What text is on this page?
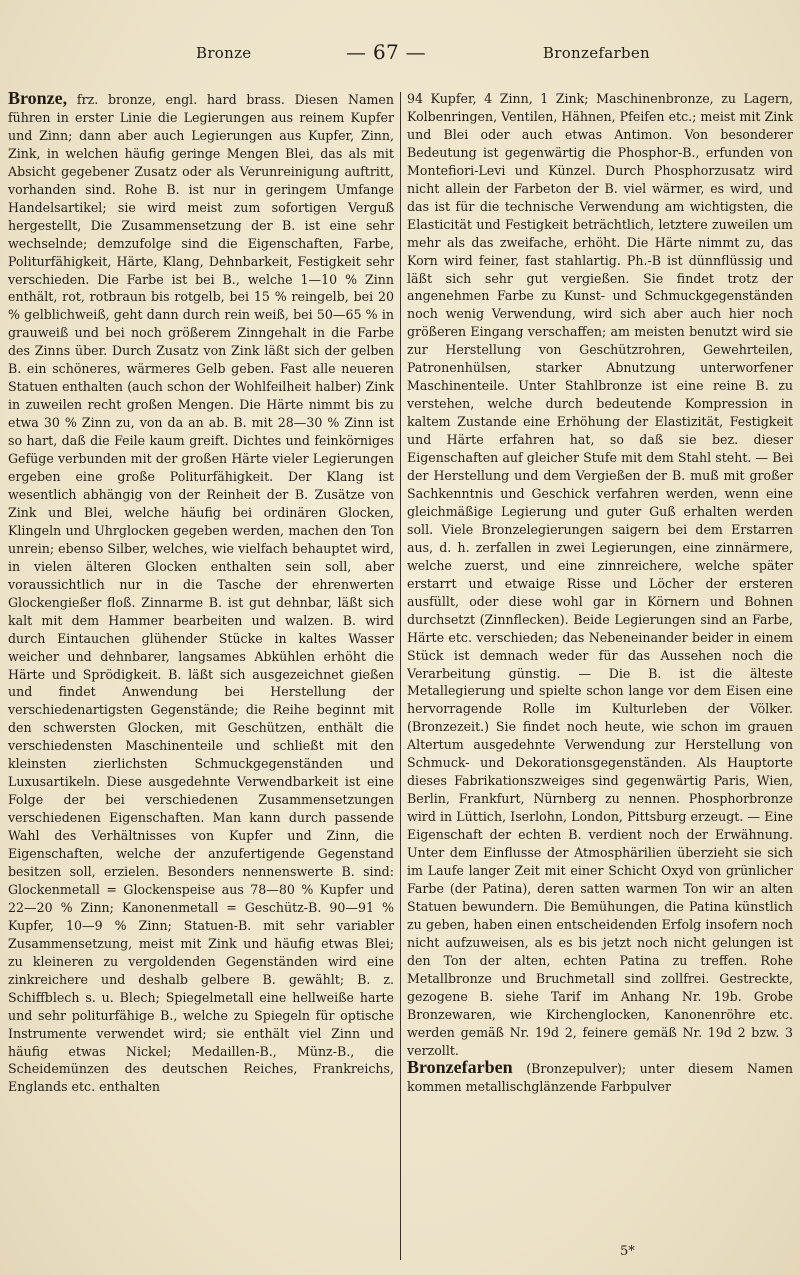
Bronze	— 67 —	Bronzefarben

Bronze, frz. bronze, engl. hard brass. Diesen Namen führen in erster Linie die Legierungen aus reinem Kupfer und Zinn; dann aber auch Legierungen aus Kupfer, Zinn, Zink, in welchen häufig geringe Mengen Blei, das als mit Absicht gegebener Zusatz oder als Verunreinigung auftritt, vorhanden sind. Rohe B. ist nur in geringem Umfange Handelsartikel; sie wird meist zum sofortigen Verguß hergestellt, Die Zusammensetzung der B. ist eine sehr wechselnde; demzufolge sind die Eigenschaften, Farbe, Politurfähigkeit, Härte, Klang, Dehnbarkeit, Festigkeit sehr verschieden. Die Farbe ist bei B., welche 1—10 % Zinn enthält, rot, rotbraun bis rotgelb, bei 15 % reingelb, bei 20 % gelblichweiß, geht dann durch rein weiß, bei 50—65 % in grauweiß und bei noch größerem Zinngehalt in die Farbe des Zinns über. Durch Zusatz von Zink läßt sich der gelben B. ein schöneres, wärmeres Gelb geben. Fast alle neueren Statuen enthalten (auch schon der Wohlfeilheit halber) Zink in zuweilen recht großen Mengen. Die Härte nimmt bis zu etwa 30 % Zinn zu, von da an ab. B. mit 28—30 % Zinn ist so hart, daß die Feile kaum greift. Dichtes und feinkörniges Gefüge verbunden mit der großen Härte vieler Legierungen ergeben eine große Politurfähigkeit. Der Klang ist wesentlich abhängig von der Reinheit der B. Zusätze von Zink und Blei, welche häufig bei ordinären Glocken, Klingeln und Uhrglocken gegeben werden, machen den Ton unrein; ebenso Silber, welches, wie vielfach behauptet wird, in vielen älteren Glocken enthalten sein soll, aber voraussichtlich nur in die Tasche der ehrenwerten Glockengießer floß. Zinnarme B. ist gut dehnbar, läßt sich kalt mit dem Hammer bearbeiten und walzen. B. wird durch Eintauchen glühender Stücke in kaltes Wasser weicher und dehnbarer, langsames Abkühlen erhöht die Härte und Sprödigkeit. B. läßt sich ausgezeichnet gießen und findet Anwendung bei Herstellung der verschiedenartigsten Gegenstände; die Reihe beginnt mit den schwersten Glocken, mit Geschützen, enthält die verschiedensten Maschinenteile und schließt mit den kleinsten zierlichsten Schmuckgegenständen und Luxusartikeln. Diese ausgedehnte Verwendbarkeit ist eine Folge der bei verschiedenen Zusammensetzungen verschiedenen Eigenschaften. Man kann durch passende Wahl des Verhältnisses von Kupfer und Zinn, die Eigenschaften, welche der anzufertigende Gegenstand besitzen soll, erzielen. Besonders nennenswerte B. sind: Glockenmetall = Glockenspeise aus 78—80 % Kupfer und 22—20 % Zinn; Kanonenmetall = Geschütz-B. 90—91 % Kupfer, 10—9 % Zinn; Statuen-B. mit sehr variabler Zusammensetzung, meist mit Zink und häufig etwas Blei; zu kleineren zu vergoldenden Gegenständen wird eine zinkreichere und deshalb gelbere B. gewählt; B. z. Schiffblech s. u. Blech; Spiegelmetall eine hellweiße harte und sehr politurfähige B., welche zu Spiegeln für optische Instrumente verwendet wird; sie enthält viel Zinn und häufig etwas Nickel; Medaillen-B., Münz-B., die Scheidemünzen des deutschen Reiches, Frankreichs, Englands etc. enthalten

94 Kupfer, 4 Zinn, 1 Zink; Maschinenbronze, zu Lagern, Kolbenringen, Ventilen, Hähnen, Pfeifen etc.; meist mit Zink und Blei oder auch etwas Antimon. Von besonderer Bedeutung ist gegenwärtig die Phosphor-B., erfunden von Montefiori-Levi und Künzel. Durch Phosphorzusatz wird nicht allein der Farbeton der B. viel wärmer, es wird, und das ist für die technische Verwendung am wichtigsten, die Elasticität und Festigkeit beträchtlich, letztere zuweilen um mehr als das zweifache, erhöht. Die Härte nimmt zu, das Korn wird feiner, fast stahlartig. Ph.-B ist dünnflüssig und läßt sich sehr gut vergießen. Sie findet trotz der angenehmen Farbe zu Kunst- und Schmuckgegenständen noch wenig Verwendung, wird sich aber auch hier noch größeren Eingang verschaffen; am meisten benutzt wird sie zur Herstellung von Geschützrohren, Gewehrteilen, Patronenhülsen, starker Abnutzung unterworfener Maschinenteile. Unter Stahlbronze ist eine reine B. zu verstehen, welche durch bedeutende Kompression in kaltem Zustande eine Erhöhung der Elastizität, Festigkeit und Härte erfahren hat, so daß sie bez. dieser Eigenschaften auf gleicher Stufe mit dem Stahl steht. — Bei der Herstellung und dem Vergießen der B. muß mit großer Sachkenntnis und Geschick verfahren werden, wenn eine gleichmäßige Legierung und guter Guß erhalten werden soll. Viele Bronzelegierungen saigern bei dem Erstarren aus, d. h. zerfallen in zwei Legierungen, eine zinnärmere, welche zuerst, und eine zinnreichere, welche später erstarrt und etwaige Risse und Löcher der ersteren ausfüllt, oder diese wohl gar in Körnern und Bohnen durchsetzt (Zinnflecken). Beide Legierungen sind an Farbe, Härte etc. verschieden; das Nebeneinander beider in einem Stück ist demnach weder für das Aussehen noch die Verarbeitung günstig. — Die B. ist die älteste Metallegierung und spielte schon lange vor dem Eisen eine hervorragende Rolle im Kulturleben der Völker. (Bronzezeit.) Sie findet noch heute, wie schon im grauen Altertum ausgedehnte Verwendung zur Herstellung von Schmuck- und Dekorationsgegenständen. Als Hauptorte dieses Fabrikationszweiges sind gegenwärtig Paris, Wien, Berlin, Frankfurt, Nürnberg zu nennen. Phosphorbronze wird in Lüttich, Iserlohn, London, Pittsburg erzeugt. — Eine Eigenschaft der echten B. verdient noch der Erwähnung. Unter dem Einflusse der Atmosphärilien überzieht sie sich im Laufe langer Zeit mit einer Schicht Oxyd von grünlicher Farbe (der Patina), deren satten warmen Ton wir an alten Statuen bewundern. Die Bemühungen, die Patina künstlich zu geben, haben einen entscheidenden Erfolg insofern noch nicht aufzuweisen, als es bis jetzt noch nicht gelungen ist den Ton der alten, echten Patina zu treffen. Rohe Metallbronze und Bruchmetall sind zollfrei. Gestreckte, gezogene B. siehe Tarif im Anhang Nr. 19b. Grobe Bronzewaren, wie Kirchenglocken, Kanonenröhre etc. werden gemäß Nr. 19d 2, feinere gemäß Nr. 19d 2 bzw. 3 verzollt.

Bronzefarben (Bronzepulver); unter diesem Namen kommen metallischglänzende Farbpulver

5*
